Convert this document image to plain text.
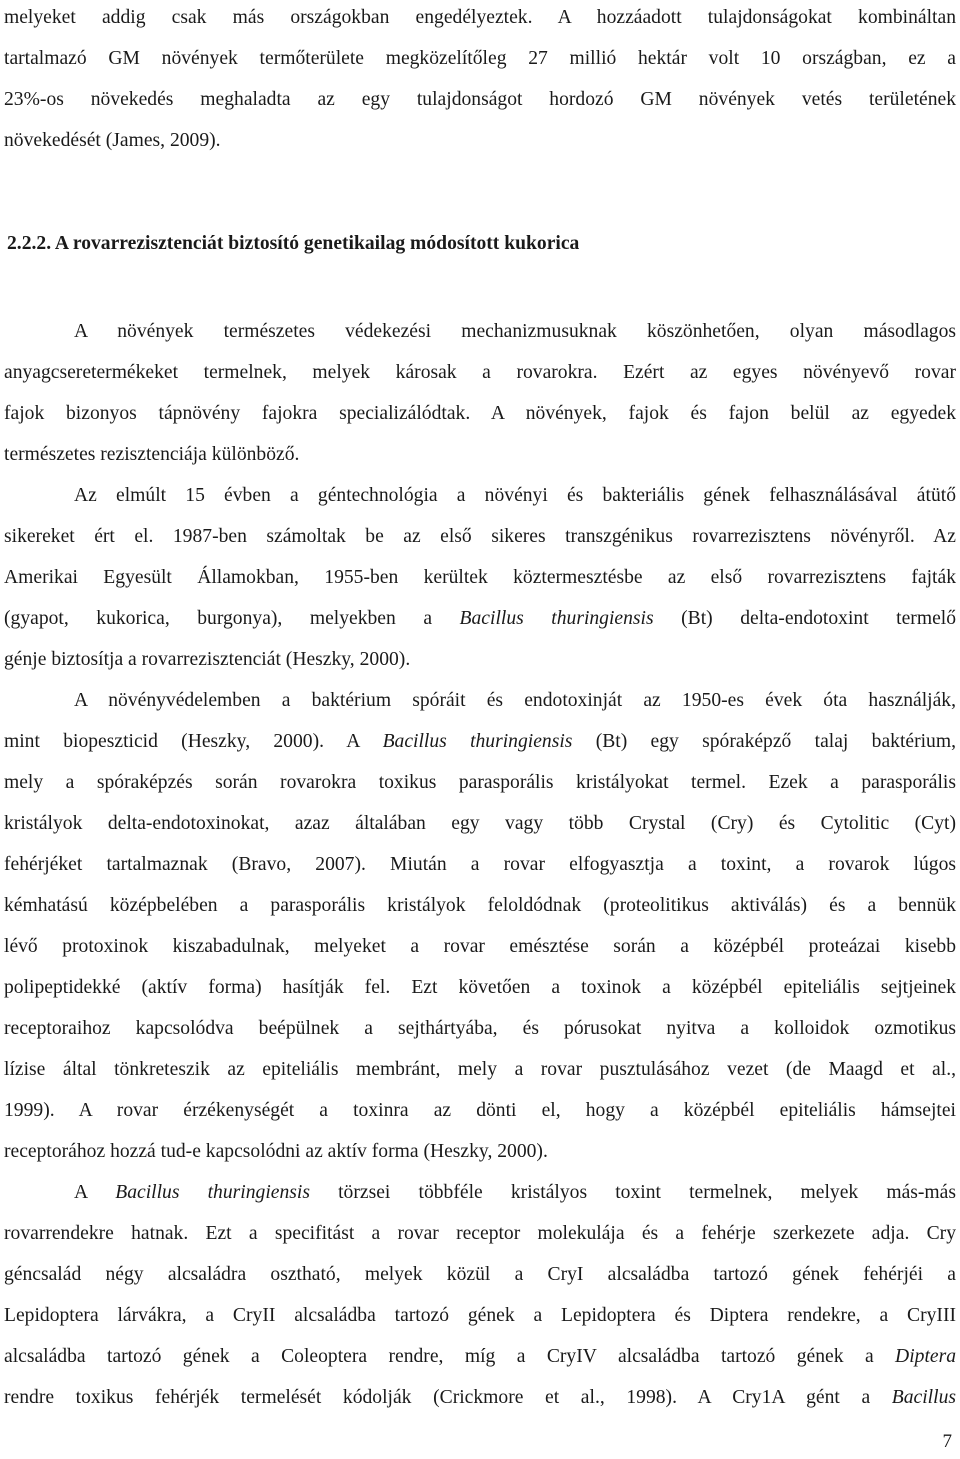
melyeket addig csak más országokban engedélyeztek. A hozzáadott tulajdonságokat kombináltan
tartalmazó GM növények termőterülete megközelítőleg 27 millió hektár volt 10 országban, ez a
23%-os növekedés meghaladta az egy tulajdonságot hordozó GM növények vetés területének
növekedését (James, 2009).
2.2.2. A rovarrezisztenciát biztosító genetikailag módosított kukorica
A növények természetes védekezési mechanizmusuknak köszönhetően, olyan másodlagos
anyagcseretermékeket termelnek, melyek károsak a rovarokra. Ezért az egyes növényevő rovar
fajok bizonyos tápnövény fajokra specializálódtak. A növények, fajok és fajon belül az egyedek
természetes rezisztenciája különböző.
Az elmúlt 15 évben a géntechnológia a növényi és bakteriális gének felhasználásával átütő
sikereket ért el. 1987-ben számoltak be az első sikeres transzgénikus rovarrezisztens növényről. Az
Amerikai Egyesült Államokban, 1955-ben kerültek köztermesztésbe az első rovarrezisztens fajták
(gyapot, kukorica, burgonya), melyekben a Bacillus thuringiensis (Bt) delta-endotoxint termelő
génje biztosítja a rovarrezisztenciát (Heszky, 2000).
A növényvédelemben a baktérium spóráit és endotoxinját az 1950-es évek óta használják,
mint biopeszticid (Heszky, 2000). A Bacillus thuringiensis (Bt) egy spóraképző talaj baktérium,
mely a spóraképzés során rovarokra toxikus parasporális kristályokat termel. Ezek a parasporális
kristályok delta-endotoxinokat, azaz általában egy vagy több Crystal (Cry) és Cytolitic (Cyt)
fehérjéket tartalmaznak (Bravo, 2007). Miután a rovar elfogyasztja a toxint, a rovarok lúgos
kémhatású középbelében a parasporális kristályok feloldódnak (proteolitikus aktiválás) és a bennük
lévő protoxinok kiszabadulnak, melyeket a rovar emésztése során a középbél proteázai kisebb
polipeptidekké (aktív forma) hasítják fel. Ezt követően a toxinok a középbél epiteliális sejtjeinek
receptoraihoz kapcsolódva beépülnek a sejthártyába, és pórusokat nyitva a kolloidok ozmotikus
lízise által tönkreteszik az epiteliális membránt, mely a rovar pusztulásához vezet (de Maagd et al.,
1999). A rovar érzékenységét a toxinra az dönti el, hogy a középbél epiteliális hámsejtei
receptorához hozzá tud-e kapcsolódni az aktív forma (Heszky, 2000).
A Bacillus thuringiensis törzsei többféle kristályos toxint termelnek, melyek más-más
rovarrendekre hatnak. Ezt a specifitást a rovar receptor molekulája és a fehérje szerkezete adja. Cry
géncsalád négy alcsaládra osztható, melyek közül a CryI alcsaládba tartozó gének fehérjéi a
Lepidoptera lárvákra, a CryII alcsaládba tartozó gének a Lepidoptera és Diptera rendekre, a CryIII
alcsaládba tartozó gének a Coleoptera rendre, míg a CryIV alcsaládba tartozó gének a Diptera
rendre toxikus fehérjék termelését kódolják (Crickmore et al., 1998). A Cry1A gént a Bacillus
7
